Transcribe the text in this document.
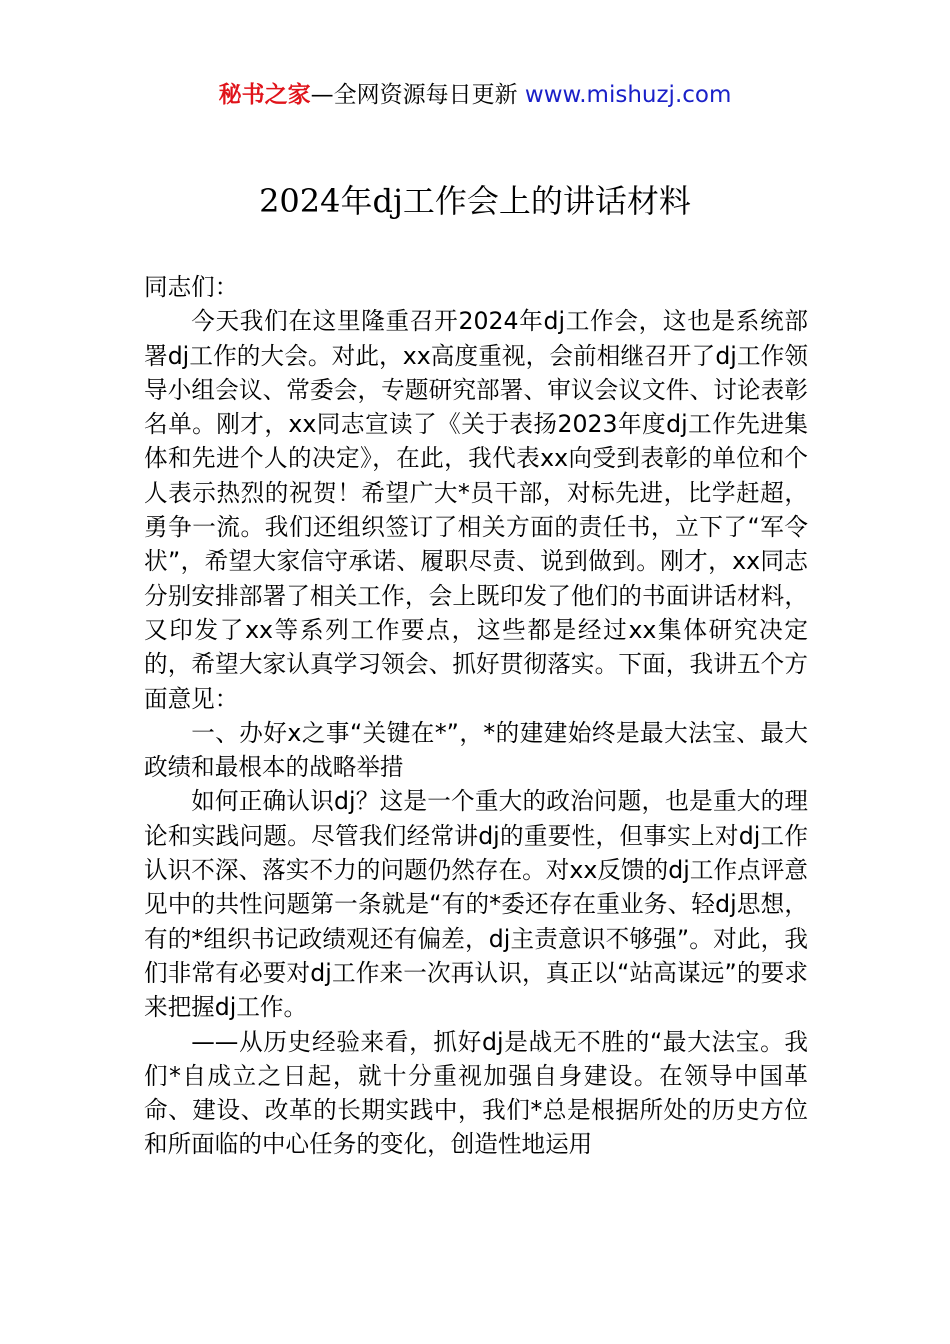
秘书之家—全网资源每日更新 www.mishuzj.com
2024年dj工作会上的讲话材料

同志们：

今天我们在这里隆重召开2024年dj工作会，这也是系统部署dj工作的大会。对此，xx高度重视，会前相继召开了dj工作领导小组会议、常委会，专题研究部署、审议会议文件、讨论表彰名单。刚才，xx同志宣读了《关于表扬2023年度dj工作先进集体和先进个人的决定》，在此，我代表xx向受到表彰的单位和个人表示热烈的祝贺！希望广大*员干部，对标先进，比学赶超，勇争一流。我们还组织签订了相关方面的责任书，立下了“军令状”，希望大家信守承诺、履职尽责、说到做到。刚才，xx同志分别安排部署了相关工作，会上既印发了他们的书面讲话材料，又印发了xx等系列工作要点，这些都是经过xx集体研究决定的，希望大家认真学习领会、抓好贯彻落实。下面，我讲五个方面意见：

一、办好x之事“关键在*”，*的建建始终是最大法宝、最大政绩和最根本的战略举措

如何正确认识dj？这是一个重大的政治问题，也是重大的理论和实践问题。尽管我们经常讲dj的重要性，但事实上对dj工作认识不深、落实不力的问题仍然存在。对xx反馈的dj工作点评意见中的共性问题第一条就是“有的*委还存在重业务、轻dj思想，有的*组织书记政绩观还有偏差，dj主责意识不够强”。对此，我们非常有必要对dj工作来一次再认识，真正以“站高谋远”的要求来把握dj工作。

——从历史经验来看，抓好dj是战无不胜的“最大法宝。我们*自成立之日起，就十分重视加强自身建设。在领导中国革命、建设、改革的长期实践中，我们*总是根据所处的历史方位和所面临的中心任务的变化，创造性地运用
